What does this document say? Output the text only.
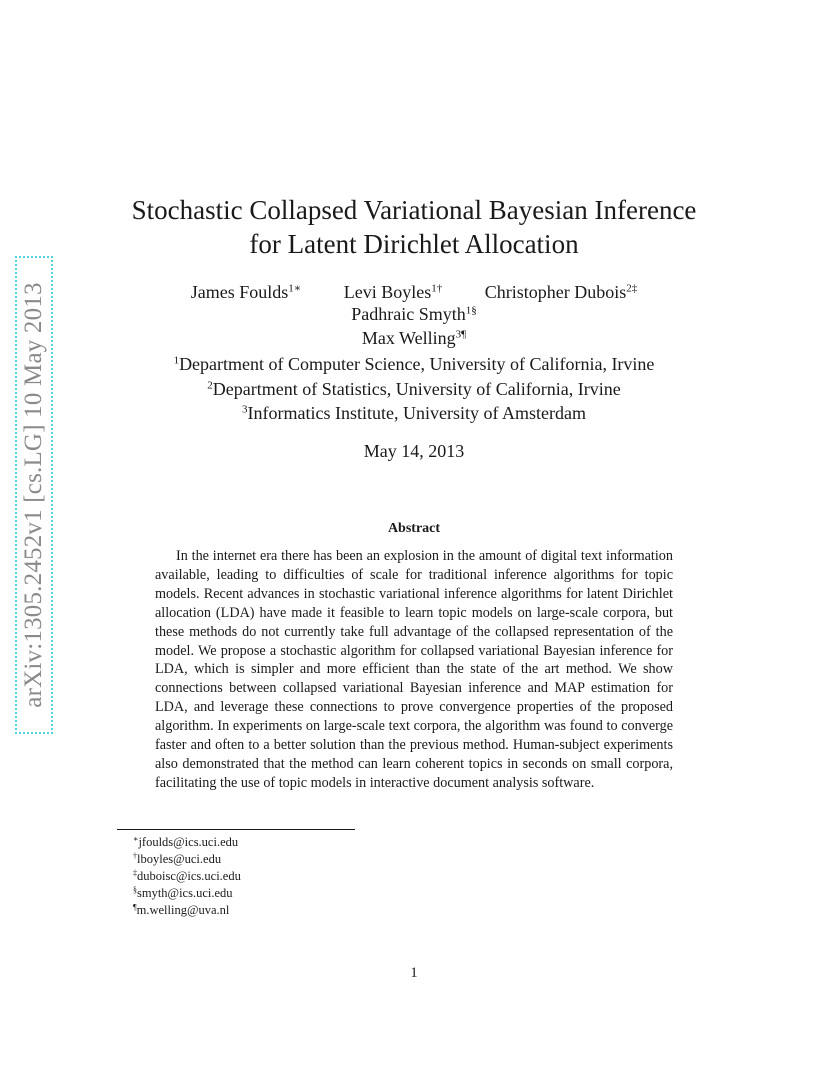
arXiv:1305.2452v1 [cs.LG] 10 May 2013
Stochastic Collapsed Variational Bayesian Inference
for Latent Dirichlet Allocation
James Foulds$^{1∗}$ Levi Boyles$^{1\dagger}$ Christopher Dubois$^{2\ddagger}$
Padhraic Smyth$^{1\S}$
Max Welling$^{3\P}$
$^1$Department of Computer Science, University of California, Irvine
$^2$Department of Statistics, University of California, Irvine
$^3$Informatics Institute, University of Amsterdam
May 14, 2013
Abstract
In the internet era there has been an explosion in the amount of digital text information available, leading to difficulties of scale for traditional inference algorithms for topic models. Recent advances in stochastic variational inference algorithms for latent Dirichlet allocation (LDA) have made it feasible to learn topic models on large-scale corpora, but these methods do not currently take full advantage of the collapsed representation of the model. We propose a stochastic algorithm for collapsed variational Bayesian inference for LDA, which is simpler and more efficient than the state of the art method. We show connections between collapsed variational Bayesian inference and MAP estimation for LDA, and leverage these connections to prove convergence properties of the proposed algorithm. In experiments on large-scale text corpora, the algorithm was found to converge faster and often to a better solution than the previous method. Human-subject experiments also demonstrated that the method can learn coherent topics in seconds on small corpora, facilitating the use of topic models in interactive document analysis software.
∗jfoulds@ics.uci.edu
†lboyles@uci.edu
‡duboisc@ics.uci.edu
§smyth@ics.uci.edu
¶m.welling@uva.nl
1
